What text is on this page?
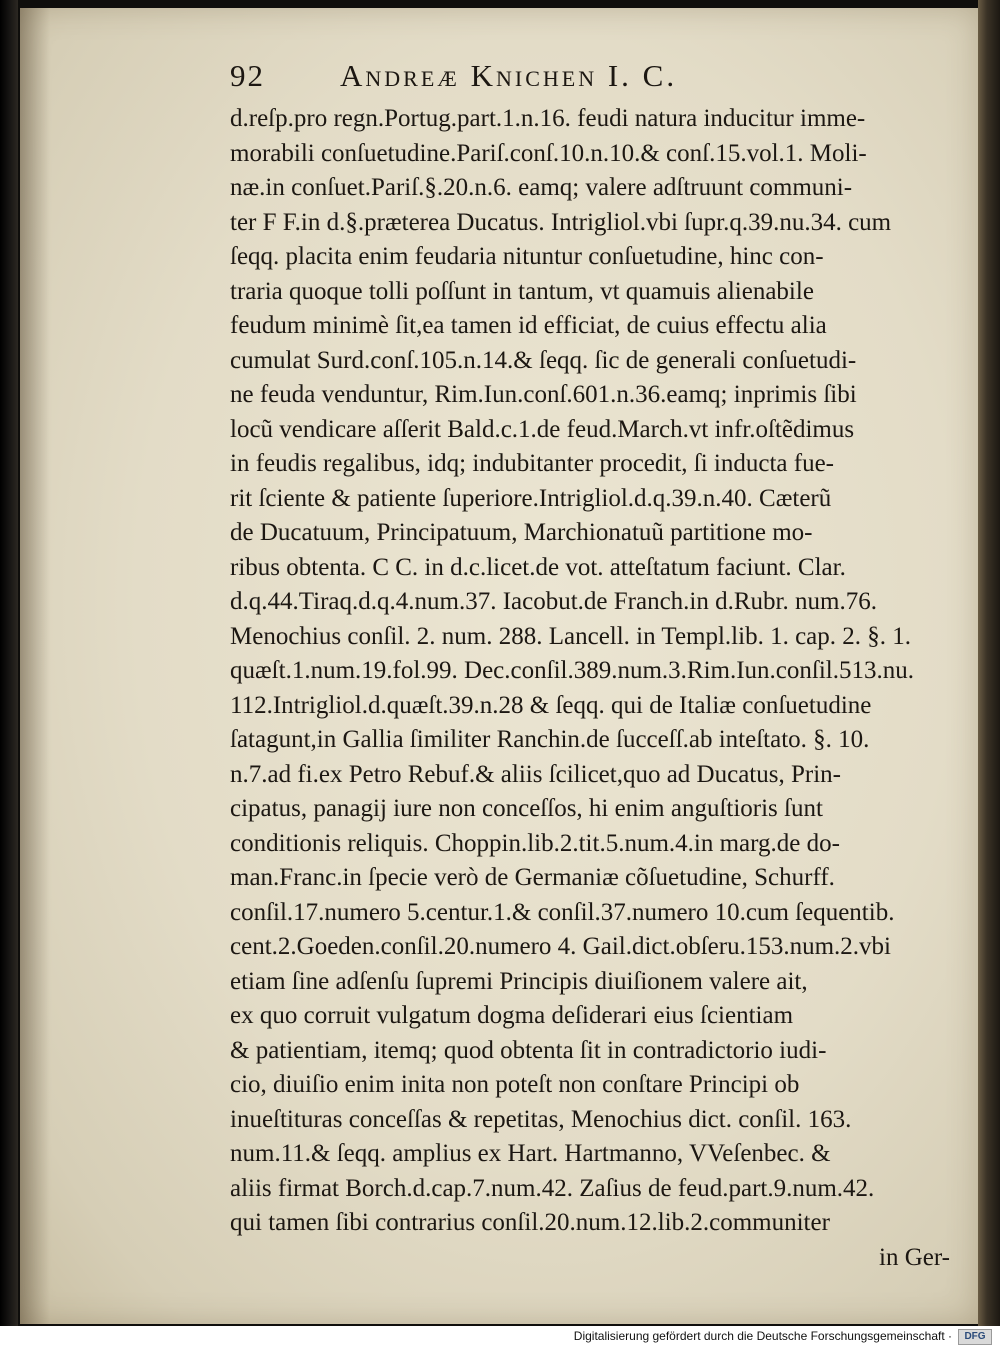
92 Andreæ Knichen I. C.
d.reſp.pro regn.Portug.part.1.n.16. feudi natura inducitur imme-
morabili conſuetudine.Pariſ.conſ.10.n.10.& conſ.15.vol.1. Moli-
næ.in conſuet.Pariſ.§.20.n.6. eamq; valere adſtruunt communi-
ter F F.in d.§.præterea Ducatus. Intrigliol.vbi ſupr.q.39.nu.34. cum
ſeqq. placita enim feudaria nituntur conſuetudine, hinc con-
traria quoque tolli poſſunt in tantum, vt quamuis alienabile
feudum minimè ſit,ea tamen id efficiat, de cuius effectu alia
cumulat Surd.conſ.105.n.14.& ſeqq. ſic de generali conſuetudi-
ne feuda venduntur, Rim.Iun.conſ.601.n.36.eamq; inprimis ſibi
locũ vendicare aſſerit Bald.c.1.de feud.March.vt infr.oſtẽdimus
in feudis regalibus, idq; indubitanter procedit, ſi inducta fue-
rit ſciente & patiente ſuperiore.Intrigliol.d.q.39.n.40. Cæterũ
de Ducatuum, Principatuum, Marchionatuũ partitione mo-
ribus obtenta. C C. in d.c.licet.de vot. atteſtatum faciunt. Clar.
d.q.44.Tiraq.d.q.4.num.37. Iacobut.de Franch.in d.Rubr. num.76.
Menochius conſil. 2. num. 288. Lancell. in Templ.lib. 1. cap. 2. §. 1.
quæſt.1.num.19.fol.99. Dec.conſil.389.num.3.Rim.Iun.conſil.513.nu.
112.Intrigliol.d.quæſt.39.n.28 & ſeqq. qui de Italiæ conſuetudine
ſatagunt,in Gallia ſimiliter Ranchin.de ſucceſſ.ab inteſtato. §. 10.
n.7.ad fi.ex Petro Rebuf.& aliis ſcilicet,quo ad Ducatus, Prin-
cipatus, panagij iure non conceſſos, hi enim anguſtioris ſunt
conditionis reliquis. Choppin.lib.2.tit.5.num.4.in marg.de do-
man.Franc.in ſpecie verò de Germaniæ cõſuetudine, Schurff.
conſil.17.numero 5.centur.1.& conſil.37.numero 10.cum ſequentib.
cent.2.Goeden.conſil.20.numero 4. Gail.dict.obſeru.153.num.2.vbi
etiam ſine adſenſu ſupremi Principis diuiſionem valere ait,
ex quo corruit vulgatum dogma deſiderari eius ſcientiam
& patientiam, itemq; quod obtenta ſit in contradictorio iudi-
cio, diuiſio enim inita non poteſt non conſtare Principi ob
inueſtituras conceſſas & repetitas, Menochius dict. conſil. 163.
num.11.& ſeqq. amplius ex Hart. Hartmanno, VVeſenbec. &
aliis firmat Borch.d.cap.7.num.42. Zaſius de feud.part.9.num.42.
qui tamen ſibi contrarius conſil.20.num.12.lib.2.communiter
in Ger-
Digitalisierung gefördert durch die Deutsche Forschungsgemeinschaft ·	DFG
